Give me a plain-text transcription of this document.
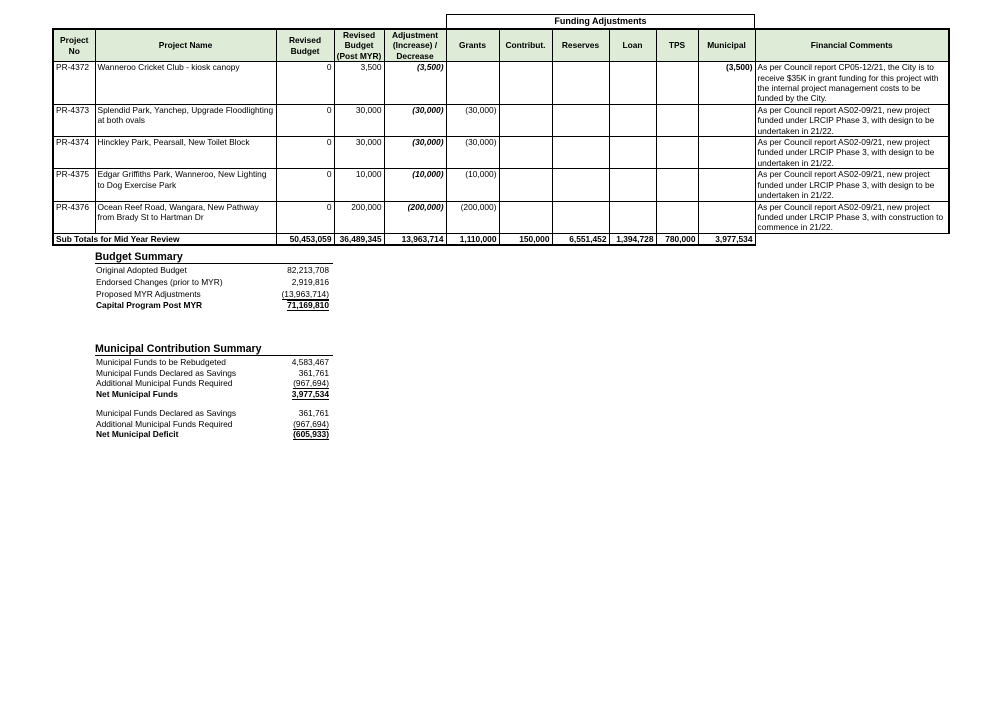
Funding Adjustments
Project No	Project Name	Revised Budget	Revised Budget (Post MYR)	Adjustment (Increase) / Decrease	Grants	Contribut.	Reserves	Loan	TPS	Municipal	Financial Comments
PR-4372	Wanneroo Cricket Club - kiosk canopy	0	3,500	(3,500)						(3,500)	As per Council report CP05-12/21, the City is to receive $35K in grant funding for this project with the internal project management costs to be funded by the City.
PR-4373	Splendid Park, Yanchep, Upgrade Floodlighting at both ovals	0	30,000	(30,000)	(30,000)						As per Council report AS02-09/21, new project funded under LRCIP Phase 3, with design to be undertaken in 21/22.
PR-4374	Hinckley Park, Pearsall, New Toilet Block	0	30,000	(30,000)	(30,000)						As per Council report AS02-09/21, new project funded under LRCIP Phase 3, with design to be undertaken in 21/22.
PR-4375	Edgar Griffiths Park, Wanneroo, New Lighting to Dog Exercise Park	0	10,000	(10,000)	(10,000)						As per Council report AS02-09/21, new project funded under LRCIP Phase 3, with design to be undertaken in 21/22.
PR-4376	Ocean Reef Road, Wangara, New Pathway from Brady St to Hartman Dr	0	200,000	(200,000)	(200,000)						As per Council report AS02-09/21, new project funded under LRCIP Phase 3, with construction to commence in 21/22.
Sub Totals for Mid Year Review		50,453,059	36,489,345	13,963,714	1,110,000	150,000	6,551,452	1,394,728	780,000	3,977,534	
Budget Summary
Original Adopted Budget	82,213,708
Endorsed Changes (prior to MYR)	2,919,816
Proposed MYR Adjustments	(13,963,714)
Capital Program Post MYR	71,169,810
Municipal Contribution Summary
Municipal Funds to be Rebudgeted	4,583,467
Municipal Funds Declared as Savings	361,761
Additional Municipal Funds Required	(967,694)
Net Municipal Funds	3,977,534
Municipal Funds Declared as Savings	361,761
Additional Municipal Funds Required	(967,694)
Net Municipal Deficit	(605,933)
